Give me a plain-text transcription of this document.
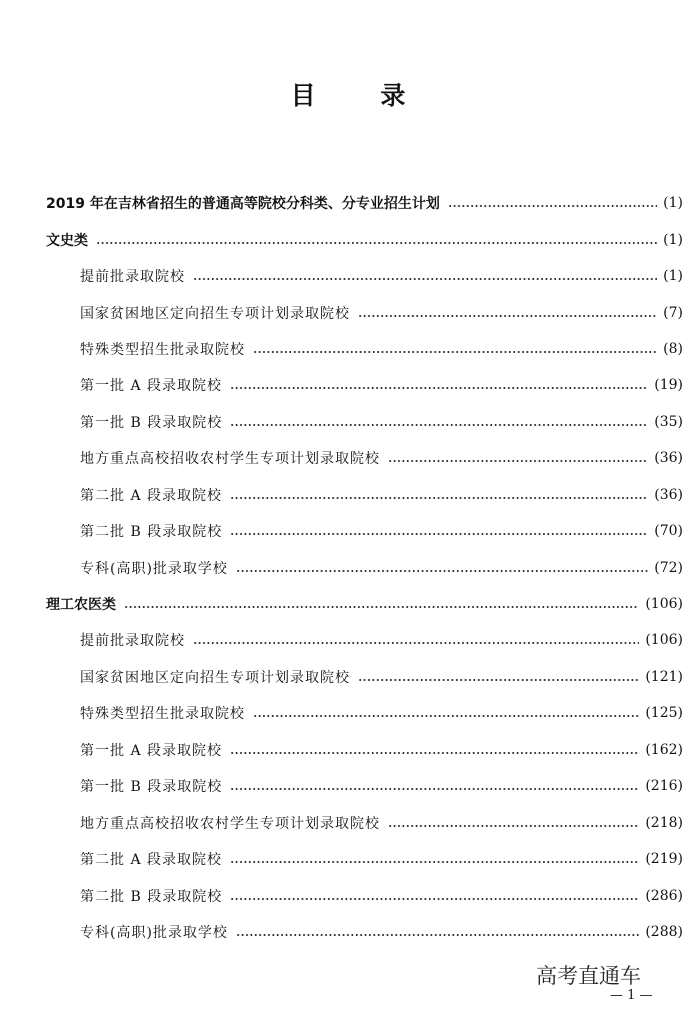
目 录
2019 年在吉林省招生的普通高等院校分科类、分专业招生计划	(1)
文史类	(1)
提前批录取院校	(1)
国家贫困地区定向招生专项计划录取院校	(7)
特殊类型招生批录取院校	(8)
第一批 A 段录取院校	(19)
第一批 B 段录取院校	(35)
地方重点高校招收农村学生专项计划录取院校	(36)
第二批 A 段录取院校	(36)
第二批 B 段录取院校	(70)
专科(高职)批录取学校	(72)
理工农医类	(106)
提前批录取院校	(106)
国家贫困地区定向招生专项计划录取院校	(121)
特殊类型招生批录取院校	(125)
第一批 A 段录取院校	(162)
第一批 B 段录取院校	(216)
地方重点高校招收农村学生专项计划录取院校	(218)
第二批 A 段录取院校	(219)
第二批 B 段录取院校	(286)
专科(高职)批录取学校	(288)
高考直通车
— 1 —
